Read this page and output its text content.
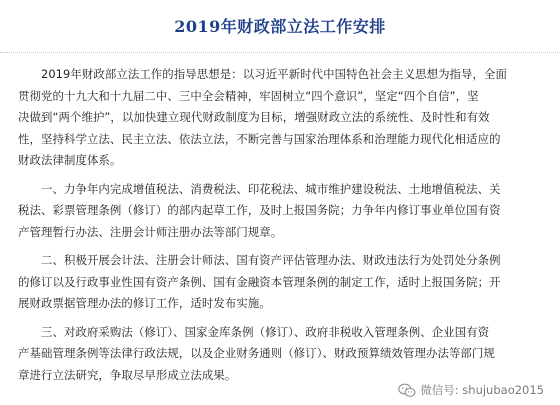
2019年财政部立法工作安排

　　2019年财政部立法工作的指导思想是：以习近平新时代中国特色社会主义思想为指导，全面
贯彻党的十九大和十九届二中、三中全会精神，牢固树立“四个意识”，坚定“四个自信”，坚
决做到“两个维护”，以加快建立现代财政制度为目标，增强财政立法的系统性、及时性和有效
性，坚持科学立法、民主立法、依法立法，不断完善与国家治理体系和治理能力现代化相适应的
财政法律制度体系。

　　一、力争年内完成增值税法、消费税法、印花税法、城市维护建设税法、土地增值税法、关
税法、彩票管理条例（修订）的部内起草工作，及时上报国务院；力争年内修订事业单位国有资
产管理暂行办法、注册会计师注册办法等部门规章。

　　二、积极开展会计法、注册会计师法、国有资产评估管理办法、财政违法行为处罚处分条例
的修订以及行政事业性国有资产条例、国有金融资本管理条例的制定工作，适时上报国务院；开
展财政票据管理办法的修订工作，适时发布实施。

　　三、对政府采购法（修订）、国家金库条例（修订）、政府非税收入管理条例、企业国有资
产基础管理条例等法律行政法规，以及企业财务通则（修订）、财政预算绩效管理办法等部门规
章进行立法研究，争取尽早形成立法成果。

微信号: shujubao2015
